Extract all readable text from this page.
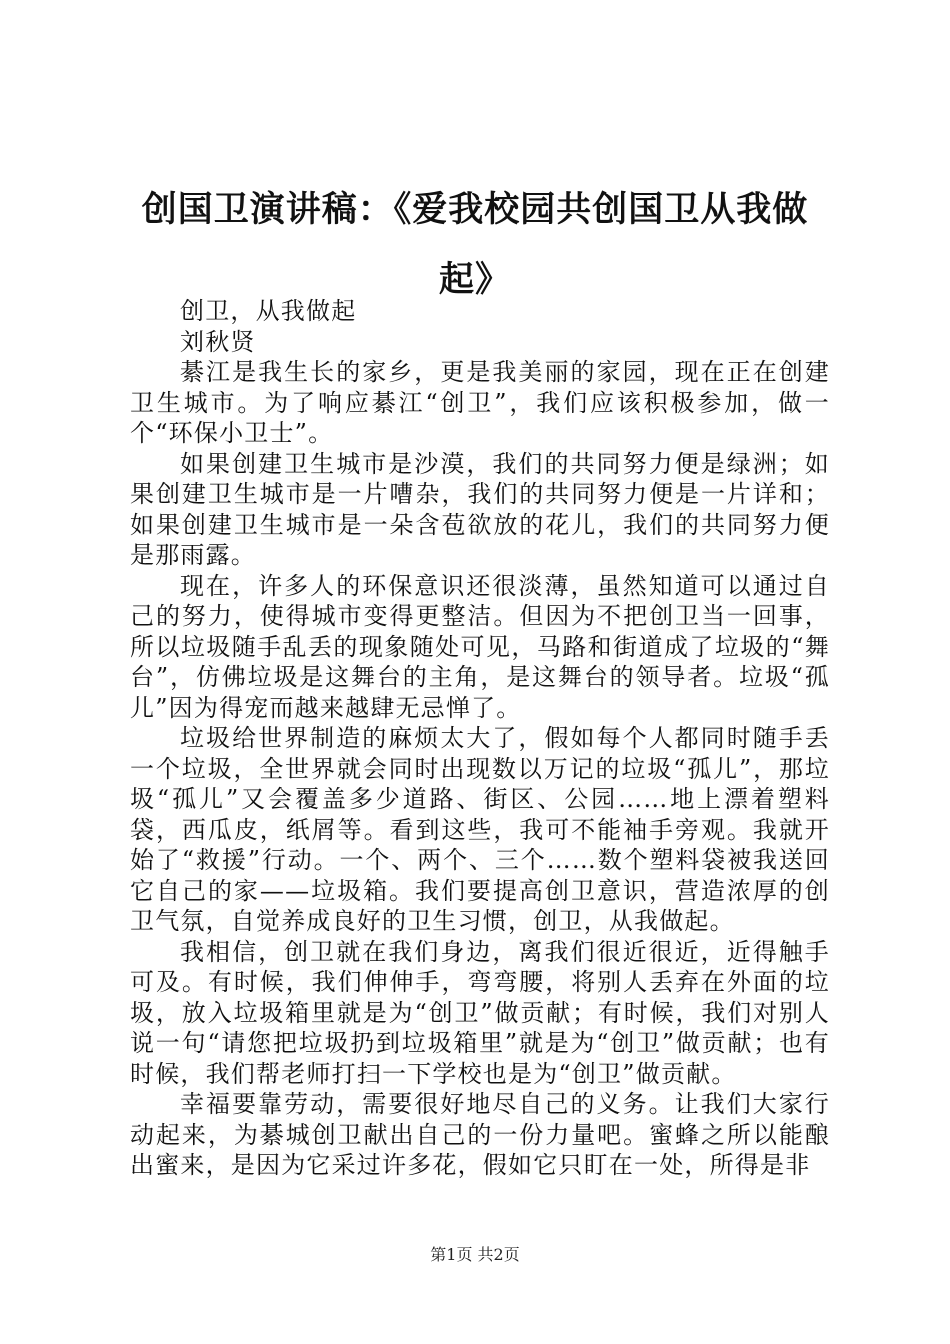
创国卫演讲稿：《爱我校园共创国卫从我做起》

创卫，从我做起

刘秋贤

綦江是我生长的家乡，更是我美丽的家园，现在正在创建卫生城市。为了响应綦江“创卫”，我们应该积极参加，做一个“环保小卫士”。

如果创建卫生城市是沙漠，我们的共同努力便是绿洲；如果创建卫生城市是一片嘈杂，我们的共同努力便是一片详和；如果创建卫生城市是一朵含苞欲放的花儿，我们的共同努力便是那雨露。

现在，许多人的环保意识还很淡薄，虽然知道可以通过自己的努力，使得城市变得更整洁。但因为不把创卫当一回事，所以垃圾随手乱丢的现象随处可见，马路和街道成了垃圾的“舞台”，仿佛垃圾是这舞台的主角，是这舞台的领导者。垃圾“孤儿”因为得宠而越来越肆无忌惮了。

垃圾给世界制造的麻烦太大了，假如每个人都同时随手丢一个垃圾，全世界就会同时出现数以万记的垃圾“孤儿”，那垃圾“孤儿”又会覆盖多少道路、街区、公园……地上漂着塑料袋，西瓜皮，纸屑等。看到这些，我可不能袖手旁观。我就开始了“救援”行动。一个、两个、三个……数个塑料袋被我送回它自己的家——垃圾箱。我们要提高创卫意识，营造浓厚的创卫气氛，自觉养成良好的卫生习惯，创卫，从我做起。

我相信，创卫就在我们身边，离我们很近很近，近得触手可及。有时候，我们伸伸手，弯弯腰，将别人丢弃在外面的垃圾，放入垃圾箱里就是为“创卫”做贡献；有时候，我们对别人说一句“请您把垃圾扔到垃圾箱里”就是为“创卫”做贡献；也有时候，我们帮老师打扫一下学校也是为“创卫”做贡献。

幸福要靠劳动，需要很好地尽自己的义务。让我们大家行动起来，为綦城创卫献出自己的一份力量吧。蜜蜂之所以能酿出蜜来，是因为它采过许多花，假如它只盯在一处，所得是非

第1页 共2页
